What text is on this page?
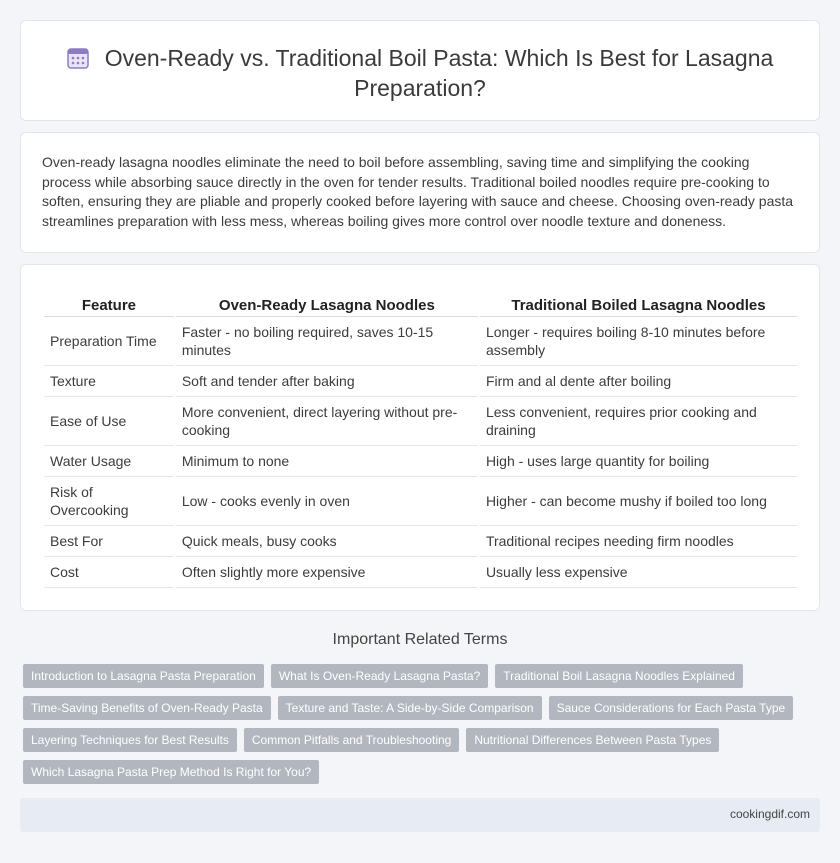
Oven-Ready vs. Traditional Boil Pasta: Which Is Best for Lasagna Preparation?

Oven-ready lasagna noodles eliminate the need to boil before assembling, saving time and simplifying the cooking process while absorbing sauce directly in the oven for tender results. Traditional boiled noodles require pre-cooking to soften, ensuring they are pliable and properly cooked before layering with sauce and cheese. Choosing oven-ready pasta streamlines preparation with less mess, whereas boiling gives more control over noodle texture and doneness.

Feature	Oven-Ready Lasagna Noodles	Traditional Boiled Lasagna Noodles
Preparation Time	Faster - no boiling required, saves 10-15 minutes	Longer - requires boiling 8-10 minutes before assembly
Texture	Soft and tender after baking	Firm and al dente after boiling
Ease of Use	More convenient, direct layering without pre-cooking	Less convenient, requires prior cooking and draining
Water Usage	Minimum to none	High - uses large quantity for boiling
Risk of Overcooking	Low - cooks evenly in oven	Higher - can become mushy if boiled too long
Best For	Quick meals, busy cooks	Traditional recipes needing firm noodles
Cost	Often slightly more expensive	Usually less expensive
Important Related Terms
Introduction to Lasagna Pasta Preparation	What Is Oven-Ready Lasagna Pasta?	Traditional Boil Lasagna Noodles Explained
Time-Saving Benefits of Oven-Ready Pasta	Texture and Taste: A Side-by-Side Comparison	Sauce Considerations for Each Pasta Type
Layering Techniques for Best Results	Common Pitfalls and Troubleshooting	Nutritional Differences Between Pasta Types
Which Lasagna Pasta Prep Method Is Right for You?
cookingdif.com
